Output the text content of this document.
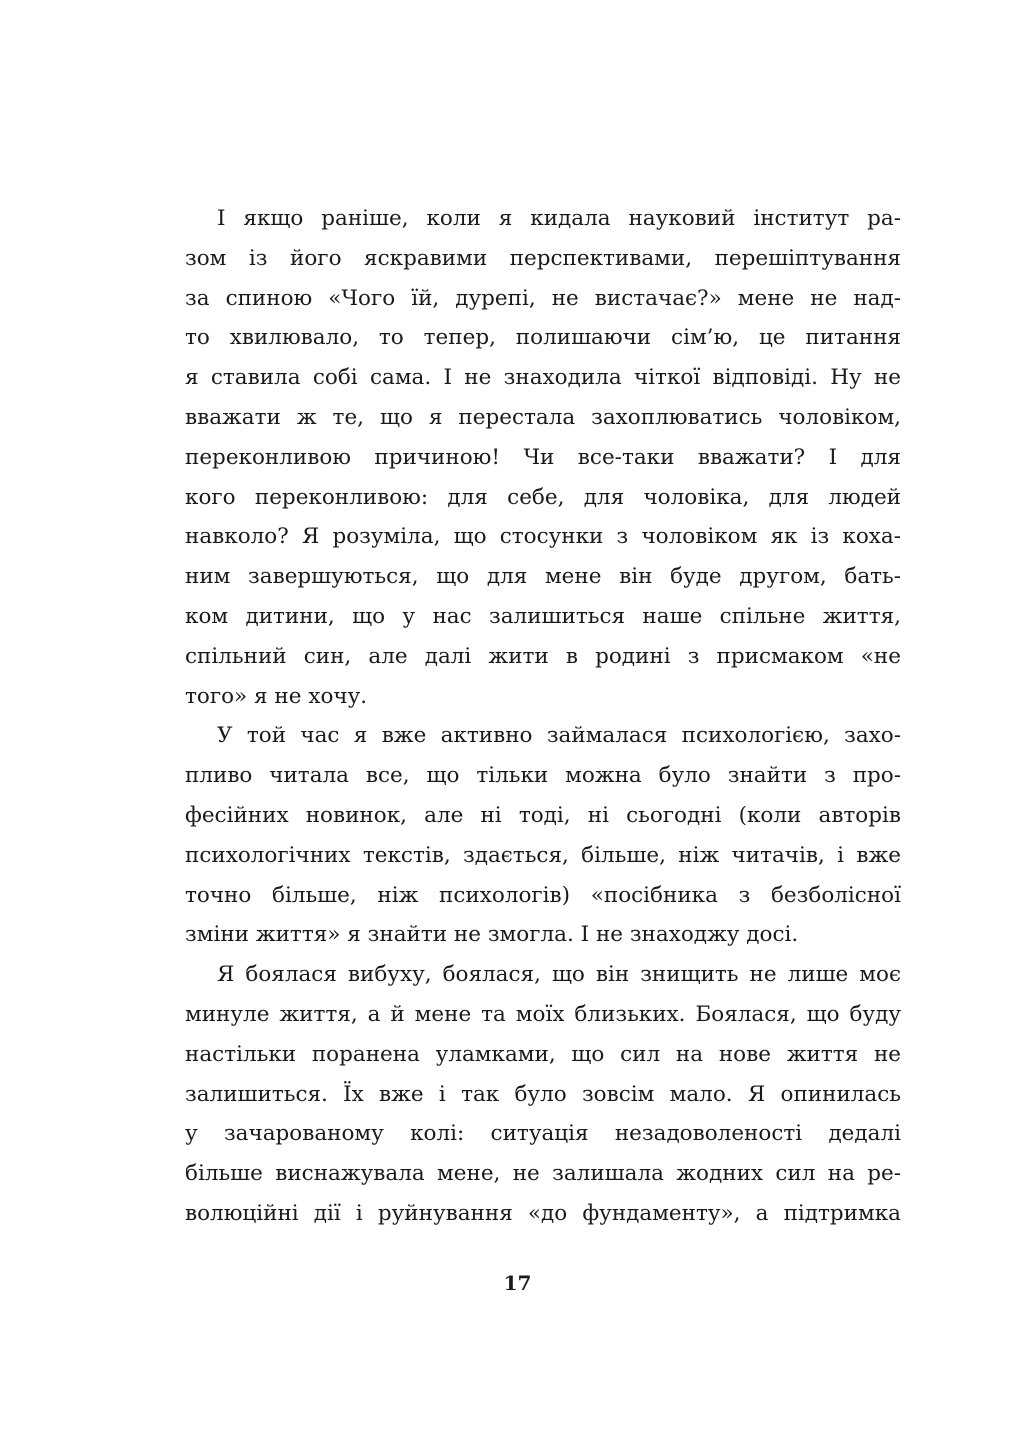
І якщо раніше, коли я кидала науковий інститут ра-
зом із його яскравими перспективами, перешіптування
за спиною «Чого їй, дурепі, не вистачає?» мене не над-
то хвилювало, то тепер, полишаючи сім’ю, це питання
я ставила собі сама. І не знаходила чіткої відповіді. Ну не
вважати ж те, що я перестала захоплюватись чоловіком,
переконливою причиною! Чи все-таки вважати? І для
кого переконливою: для себе, для чоловіка, для людей
навколо? Я розуміла, що стосунки з чоловіком як із коха-
ним завершуються, що для мене він буде другом, бать-
ком дитини, що у нас залишиться наше спільне життя,
спільний син, але далі жити в родині з присмаком «не
того» я не хочу.
У той час я вже активно займалася психологією, захо-
пливо читала все, що тільки можна було знайти з про-
фесійних новинок, але ні тоді, ні сьогодні (коли авторів
психологічних текстів, здається, більше, ніж читачів, і вже
точно більше, ніж психологів) «посібника з безболісної
зміни життя» я знайти не змогла. І не знаходжу досі.
Я боялася вибуху, боялася, що він знищить не лише моє
минуле життя, а й мене та моїх близьких. Боялася, що буду
настільки поранена уламками, що сил на нове життя не
залишиться. Їх вже і так було зовсім мало. Я опинилась
у зачарованому колі: ситуація незадоволеності дедалі
більше виснажувала мене, не залишала жодних сил на ре-
волюційні дії і руйнування «до фундаменту», а підтримка
17
